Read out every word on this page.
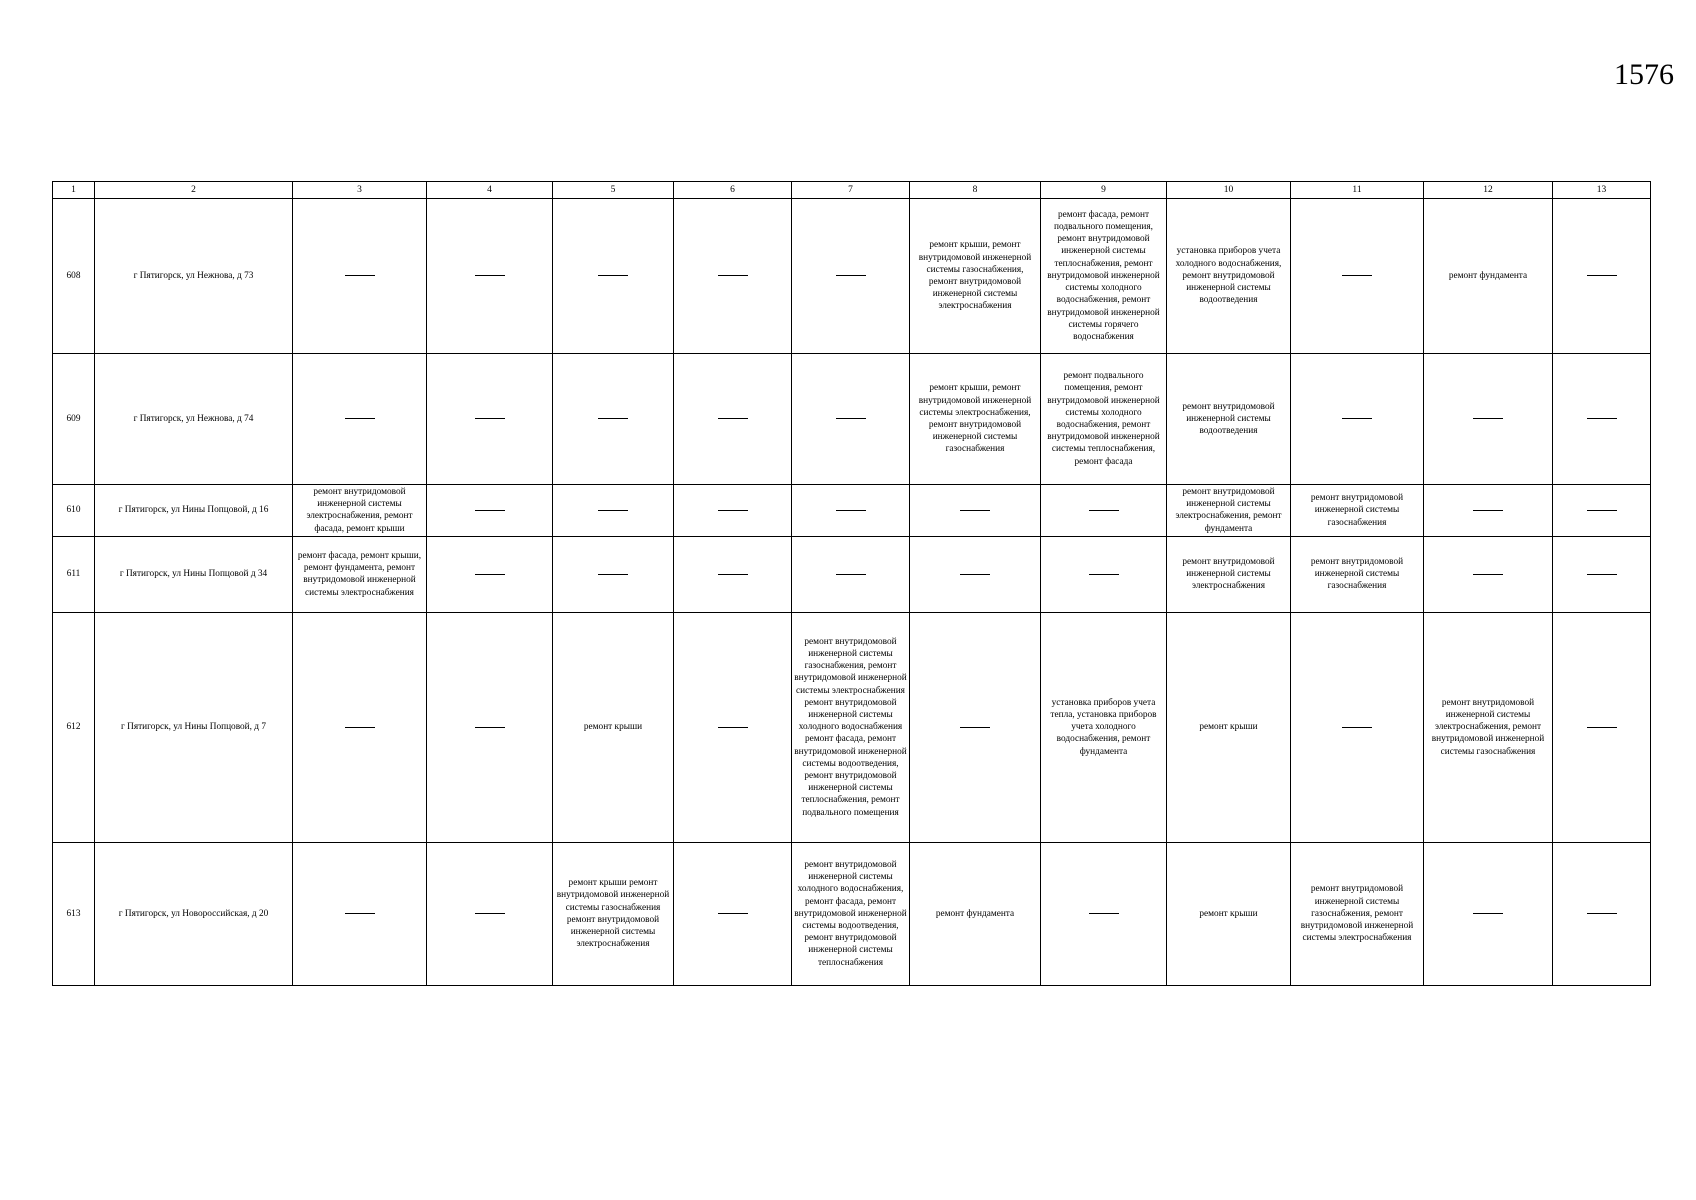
1576
1	2	3	4	5	6	7	8	9	10	11	12	13
608	г Пятигорск, ул Нежнова, д 73						ремонт крыши, ремонт внутридомовой инженерной системы газоснабжения, ремонт внутридомовой инженерной системы электроснабжения	ремонт фасада, ремонт подвального помещения, ремонт внутридомовой инженерной системы теплоснабжения, ремонт внутридомовой инженерной системы холодного водоснабжения, ремонт внутридомовой инженерной системы горячего водоснабжения	установка приборов учета холодного водоснабжения, ремонт внутридомовой инженерной системы водоотведения		ремонт фундамента	
609	г Пятигорск, ул Нежнова, д 74						ремонт крыши, ремонт внутридомовой инженерной системы электроснабжения, ремонт внутридомовой инженерной системы газоснабжения	ремонт подвального помещения, ремонт внутридомовой инженерной системы холодного водоснабжения, ремонт внутридомовой инженерной системы теплоснабжения, ремонт фасада	ремонт внутридомовой инженерной системы водоотведения			
610	г Пятигорск, ул Нины Попцовой, д 16	ремонт внутридомовой инженерной системы электроснабжения, ремонт фасада, ремонт крыши							ремонт внутридомовой инженерной системы электроснабжения, ремонт фундамента	ремонт внутридомовой инженерной системы газоснабжения		
611	г Пятигорск, ул Нины Попцовой д 34	ремонт фасада, ремонт крыши, ремонт фундамента, ремонт внутридомовой инженерной системы электроснабжения							ремонт внутридомовой инженерной системы электроснабжения	ремонт внутридомовой инженерной системы газоснабжения		
612	г Пятигорск, ул Нины Попцовой, д 7			ремонт крыши		ремонт внутридомовой инженерной системы газоснабжения, ремонт внутридомовой инженерной системы электроснабжения ремонт внутридомовой инженерной системы холодного водоснабжения ремонт фасада, ремонт внутридомовой инженерной системы водоотведения, ремонт внутридомовой инженерной системы теплоснабжения, ремонт подвального помещения		установка приборов учета тепла, установка приборов учета холодного водоснабжения, ремонт фундамента	ремонт крыши		ремонт внутридомовой инженерной системы электроснабжения, ремонт внутридомовой инженерной системы газоснабжения	
613	г Пятигорск, ул Новороссийская, д 20			ремонт крыши ремонт внутридомовой инженерной системы газоснабжения ремонт внутридомовой инженерной системы электроснабжения		ремонт внутридомовой инженерной системы холодного водоснабжения, ремонт фасада, ремонт внутридомовой инженерной системы водоотведения, ремонт внутридомовой инженерной системы теплоснабжения	ремонт фундамента		ремонт крыши	ремонт внутридомовой инженерной системы газоснабжения, ремонт внутридомовой инженерной системы электроснабжения		
